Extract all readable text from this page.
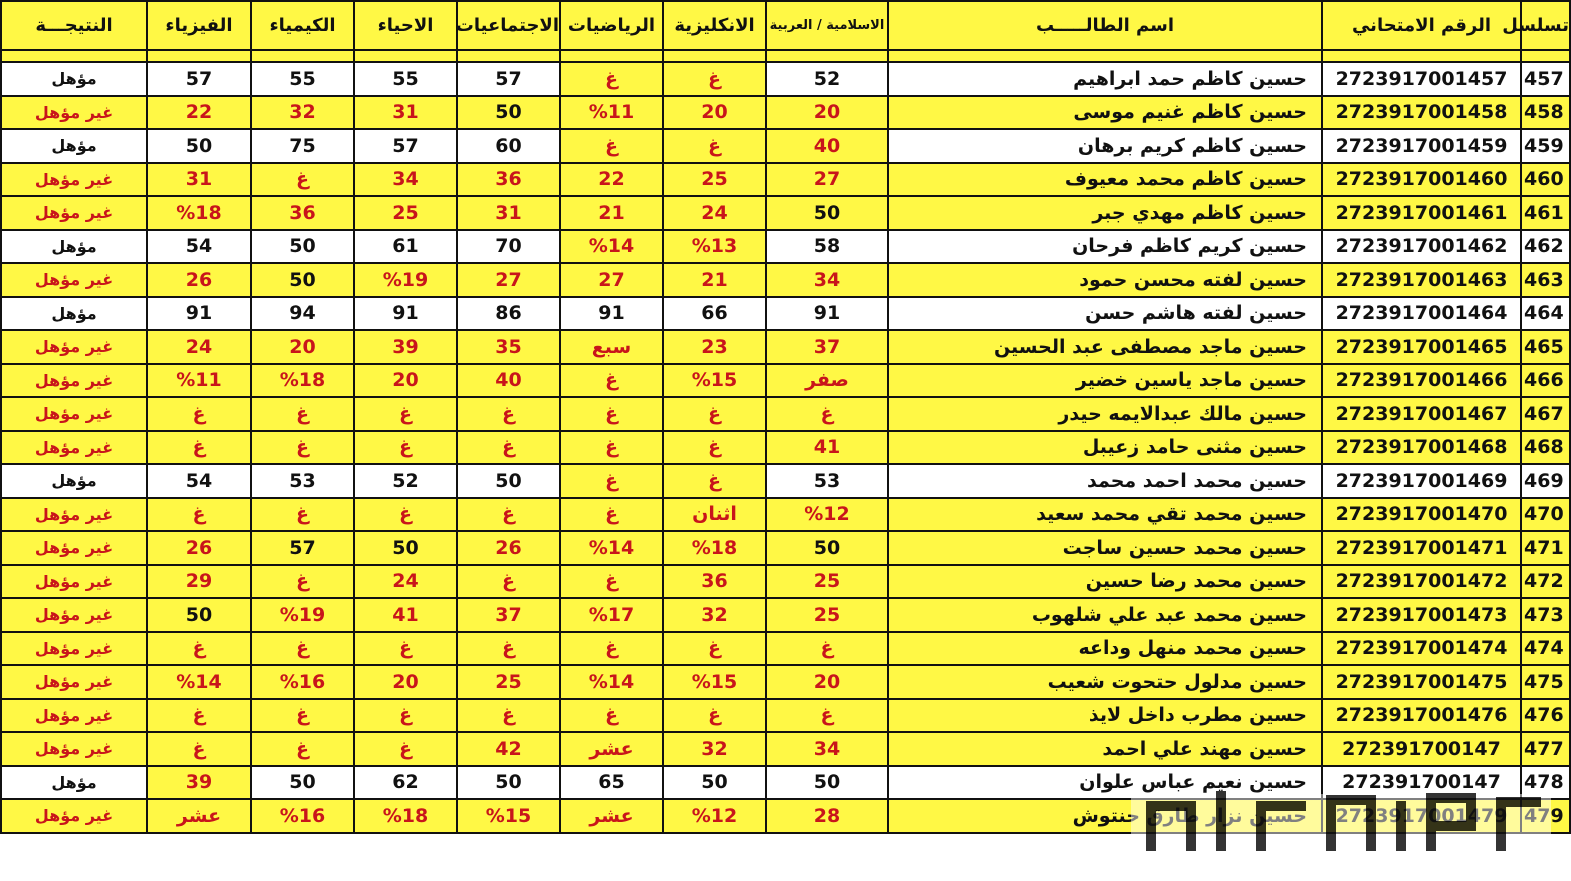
تسلسل	الرقم الامتحاني	اسم الطالـــــب	الاسلامية / العربية	الانكليزية	الرياضيات	الاجتماعيات	الاحياء	الكيمياء	الفيزياء	النتيجـــة

457	2723917001457	حسين كاظم حمد ابراهيم	52	غ	غ	57	55	55	57	مؤهل
458	2723917001458	حسين كاظم غنيم موسى	20	20	%11	50	31	32	22	غير مؤهل
459	2723917001459	حسين كاظم كريم برهان	40	غ	غ	60	57	75	50	مؤهل
460	2723917001460	حسين كاظم محمد معيوف	27	25	22	36	34	غ	31	غير مؤهل
461	2723917001461	حسين كاظم مهدي جبر	50	24	21	31	25	36	%18	غير مؤهل
462	2723917001462	حسين كريم كاظم فرحان	58	%13	%14	70	61	50	54	مؤهل
463	2723917001463	حسين لفته محسن حمود	34	21	27	27	%19	50	26	غير مؤهل
464	2723917001464	حسين لفته هاشم حسن	91	66	91	86	91	94	91	مؤهل
465	2723917001465	حسين ماجد مصطفى عبد الحسين	37	23	سبع	35	39	20	24	غير مؤهل
466	2723917001466	حسين ماجد ياسين خضير	صفر	%15	غ	40	20	%18	%11	غير مؤهل
467	2723917001467	حسين مالك عبدالايمه حيدر	غ	غ	غ	غ	غ	غ	غ	غير مؤهل
468	2723917001468	حسين مثنى حامد زعيبل	41	غ	غ	غ	غ	غ	غ	غير مؤهل
469	2723917001469	حسين محمد احمد محمد	53	غ	غ	50	52	53	54	مؤهل
470	2723917001470	حسين محمد تقي محمد سعيد	%12	اثنان	غ	غ	غ	غ	غ	غير مؤهل
471	2723917001471	حسين محمد حسين ساجت	50	%18	%14	26	50	57	26	غير مؤهل
472	2723917001472	حسين محمد رضا حسين	25	36	غ	غ	24	غ	29	غير مؤهل
473	2723917001473	حسين محمد عبد علي شلهوب	25	32	%17	37	41	%19	50	غير مؤهل
474	2723917001474	حسين محمد منهل وداعه	غ	غ	غ	غ	غ	غ	غ	غير مؤهل
475	2723917001475	حسين مدلول حتحوت شعيب	20	%15	%14	25	20	%16	%14	غير مؤهل
476	2723917001476	حسين مطرب داخل لايذ	غ	غ	غ	غ	غ	غ	غ	غير مؤهل
477	272391700147	حسين مهند علي احمد	34	32	عشر	42	غ	غ	غ	غير مؤهل
478	272391700147	حسين نعيم عباس علوان	50	50	65	50	62	50	39	مؤهل
479	2723917001479	حسين نزار طارق حنتوش	28	%12	عشر	%15	%18	%16	عشر	غير مؤهل
